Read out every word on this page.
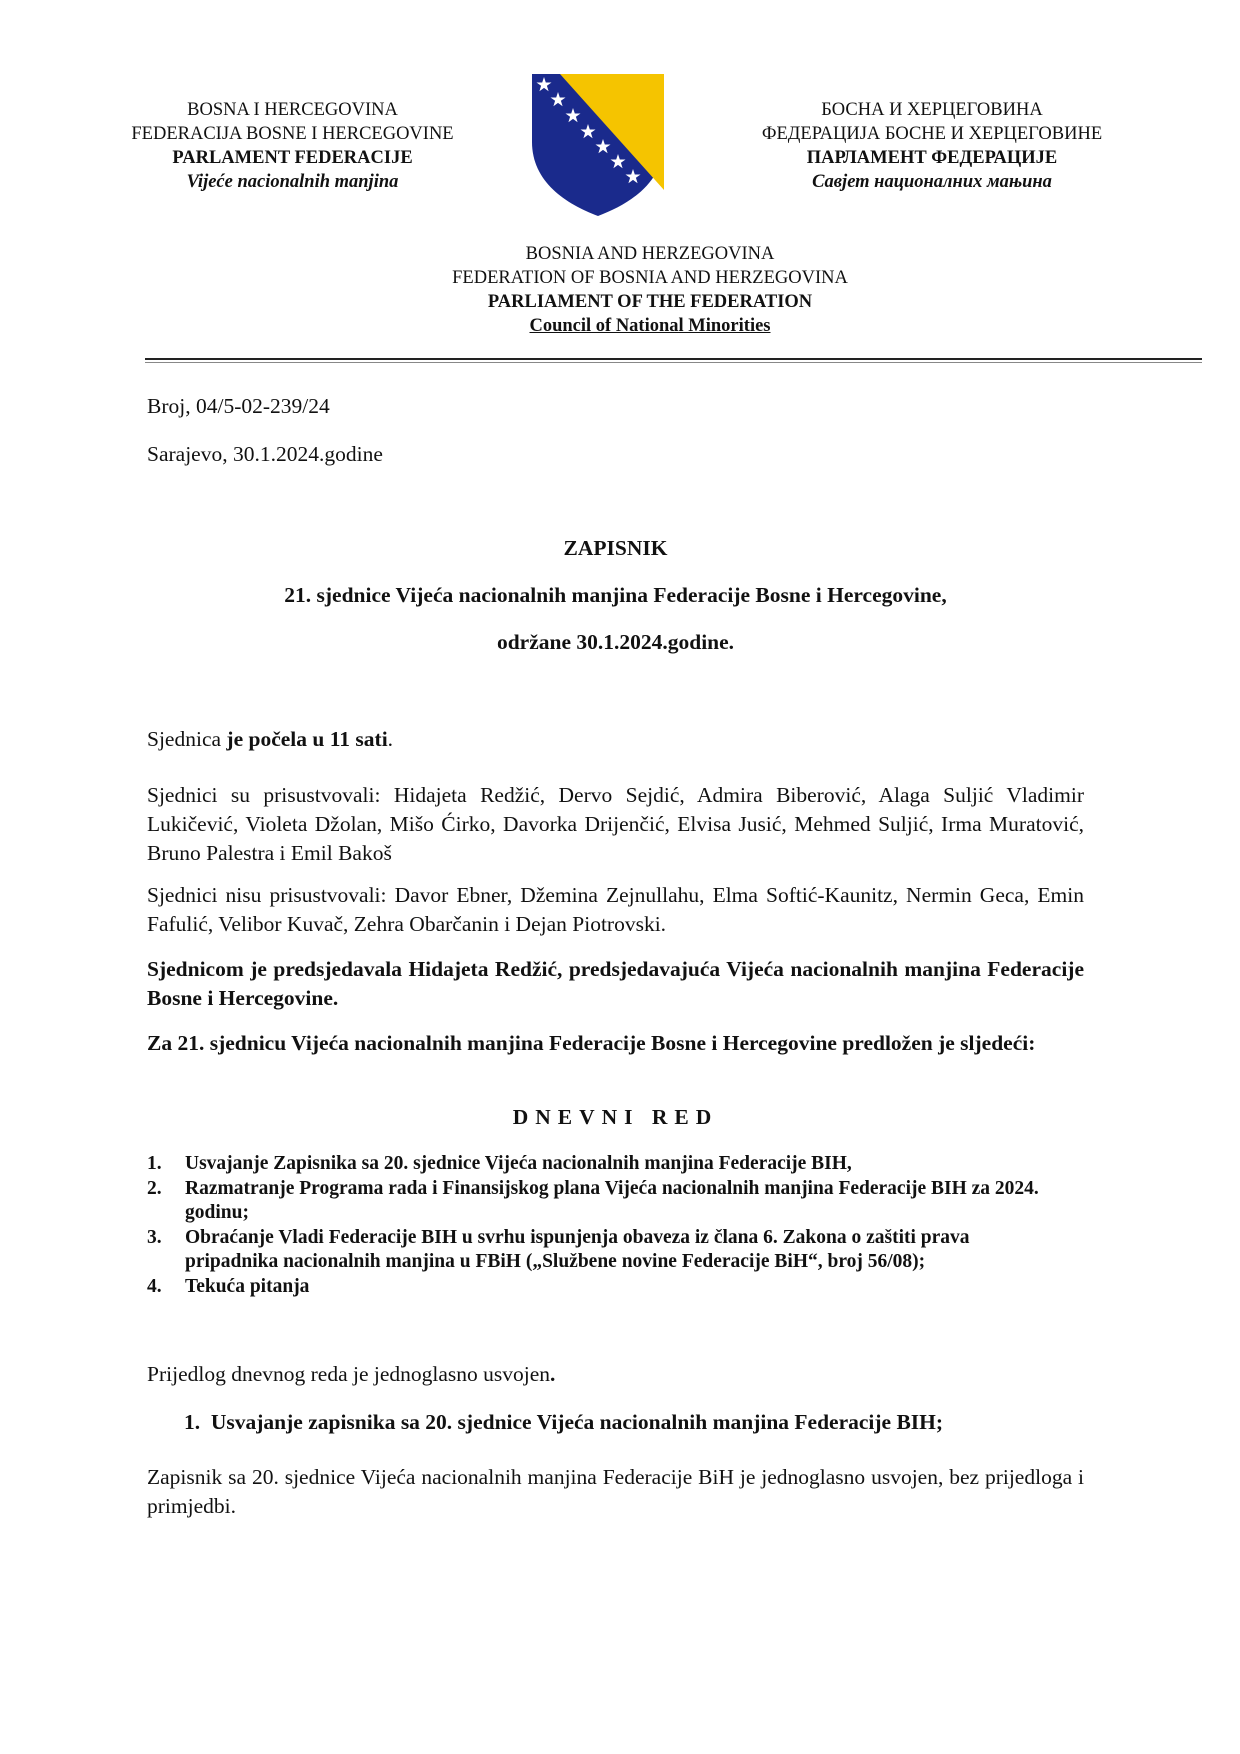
BOSNA I HERCEGOVINA
FEDERACIJA BOSNE I HERCEGOVINE
PARLAMENT FEDERACIJE
Vijeće nacionalnih manjina
БОСНА И ХЕРЦЕГОВИНА
ФЕДЕРАЦИЈА БОСНЕ И ХЕРЦЕГОВИНЕ
ПАРЛАМЕНТ ФЕДЕРАЦИЈЕ
Савјет националних мањина
BOSNIA AND HERZEGOVINA
FEDERATION OF BOSNIA AND HERZEGOVINA
PARLIAMENT OF THE FEDERATION
Council of National Minorities
Broj, 04/5-02-239/24
Sarajevo, 30.1.2024.godine
ZAPISNIK
21. sjednice Vijeća nacionalnih manjina Federacije Bosne i Hercegovine,
održane 30.1.2024.godine.
Sjednica je počela u 11 sati.
Sjednici su prisustvovali: Hidajeta Redžić, Dervo Sejdić, Admira Biberović, Alaga Suljić Vladimir Lukičević, Violeta Džolan, Mišo Ćirko, Davorka Drijenčić, Elvisa Jusić, Mehmed Suljić, Irma Muratović, Bruno Palestra i Emil Bakoš
Sjednici nisu prisustvovali: Davor Ebner, Džemina Zejnullahu, Elma Softić-Kaunitz, Nermin Geca, Emin Fafulić, Velibor Kuvač, Zehra Obarčanin i Dejan Piotrovski.
Sjednicom je predsjedavala Hidajeta Redžić, predsjedavajuća Vijeća nacionalnih manjina Federacije Bosne i Hercegovine.
Za 21. sjednicu Vijeća nacionalnih manjina Federacije Bosne i Hercegovine predložen je sljedeći:
DNEVNI RED
1. Usvajanje Zapisnika sa 20. sjednice Vijeća nacionalnih manjina Federacije BIH,
2. Razmatranje Programa rada i Finansijskog plana Vijeća nacionalnih manjina Federacije BIH za 2024. godinu;
3. Obraćanje Vladi Federacije BIH u svrhu ispunjenja obaveza iz člana 6. Zakona o zaštiti prava pripadnika nacionalnih manjina u FBiH („Službene novine Federacije BiH“, broj 56/08);
4. Tekuća pitanja
Prijedlog dnevnog reda je jednoglasno usvojen.
1. Usvajanje zapisnika sa 20. sjednice Vijeća nacionalnih manjina Federacije BIH;
Zapisnik sa 20. sjednice Vijeća nacionalnih manjina Federacije BiH je jednoglasno usvojen, bez prijedloga i primjedbi.
